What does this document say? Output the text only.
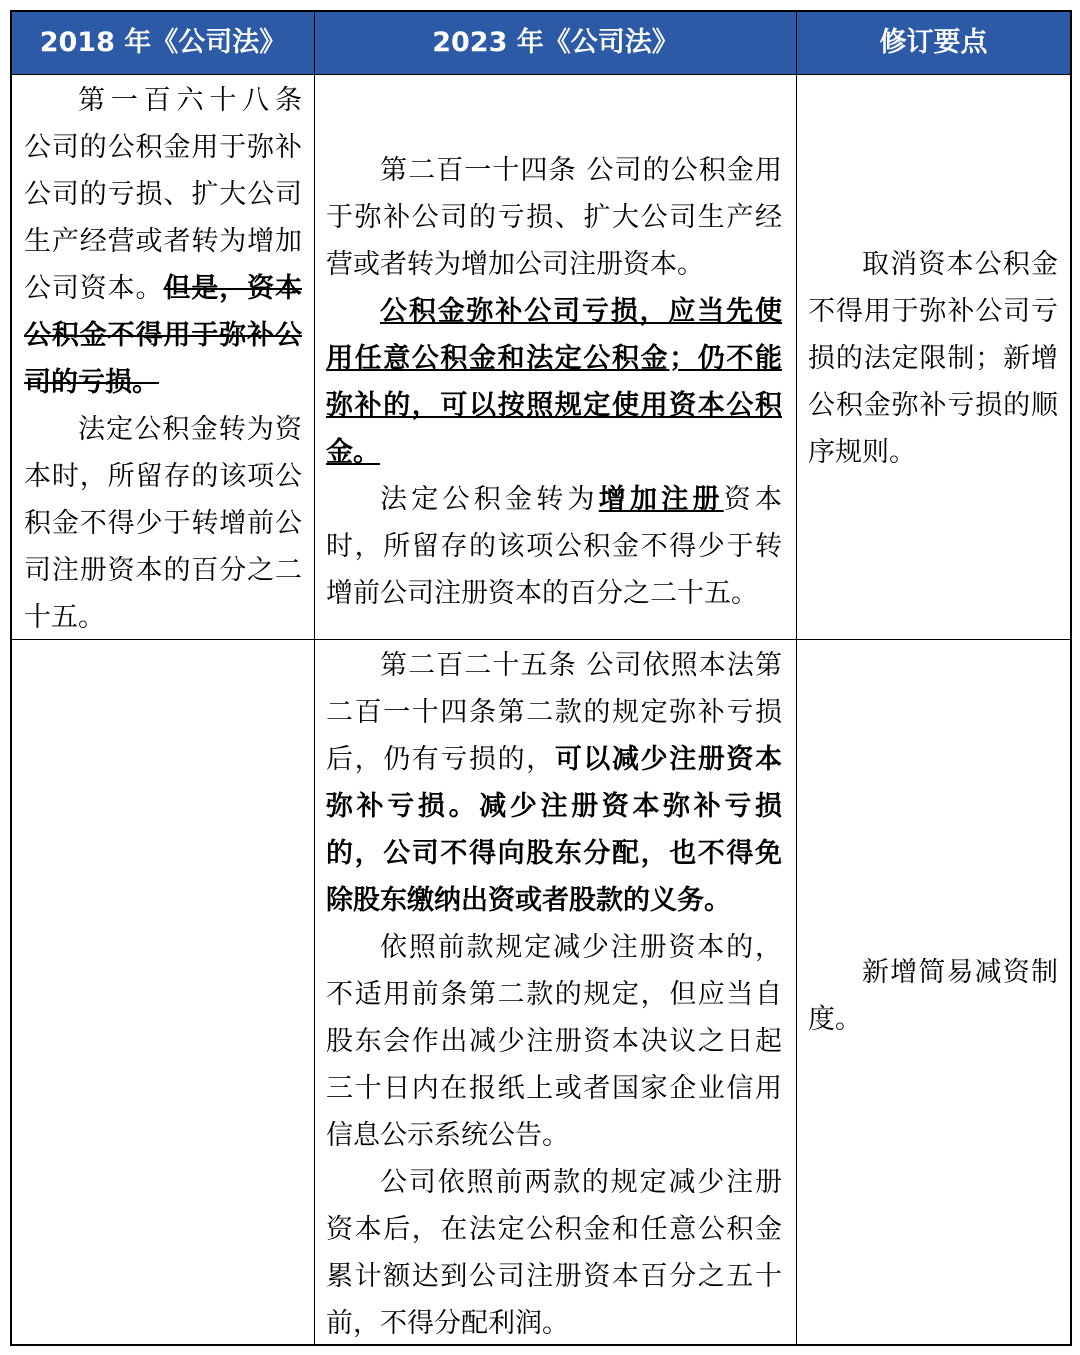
2018 年《公司法》	2023 年《公司法》	修订要点

第一百六十八条 公司的公积金用于弥补公司的亏损、扩大公司生产经营或者转为增加公司资本。但是，资本公积金不得用于弥补公司的亏损。

法定公积金转为资本时，所留存的该项公积金不得少于转增前公司注册资本的百分之二十五。

第二百一十四条 公司的公积金用于弥补公司的亏损、扩大公司生产经营或者转为增加公司注册资本。

公积金弥补公司亏损，应当先使用任意公积金和法定公积金；仍不能弥补的，可以按照规定使用资本公积金。

法定公积金转为增加注册资本时，所留存的该项公积金不得少于转增前公司注册资本的百分之二十五。

取消资本公积金不得用于弥补公司亏损的法定限制；新增公积金弥补亏损的顺序规则。

第二百二十五条 公司依照本法第二百一十四条第二款的规定弥补亏损后，仍有亏损的，可以减少注册资本弥补亏损。减少注册资本弥补亏损的，公司不得向股东分配，也不得免除股东缴纳出资或者股款的义务。

依照前款规定减少注册资本的，不适用前条第二款的规定，但应当自股东会作出减少注册资本决议之日起三十日内在报纸上或者国家企业信用信息公示系统公告。

公司依照前两款的规定减少注册资本后，在法定公积金和任意公积金累计额达到公司注册资本百分之五十前，不得分配利润。

新增简易减资制度。
